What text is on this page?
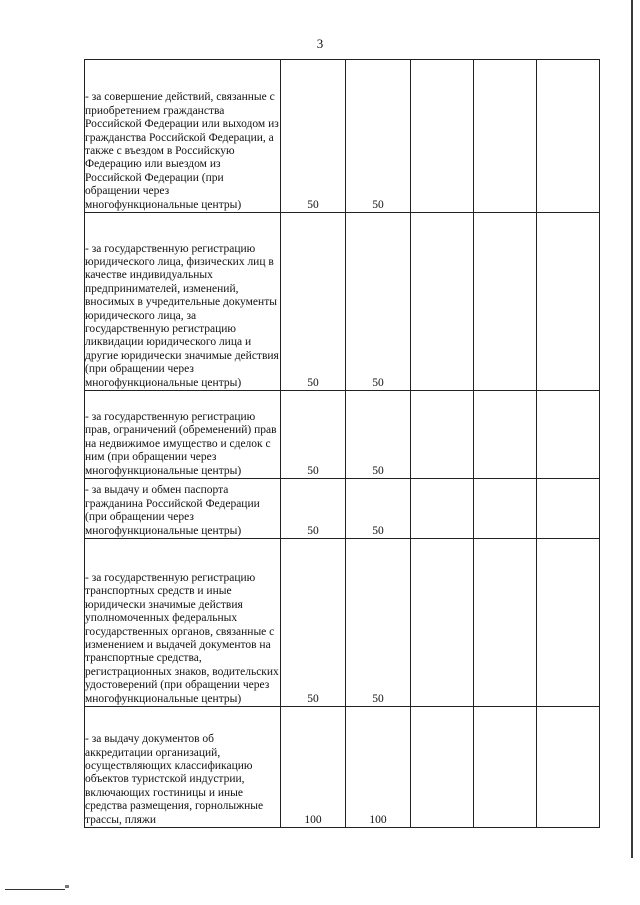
3
- за совершение действий, связанные с приобретением гражданства Российской Федерации или выходом из гражданства Российской Федерации, а также с въездом в Российскую Федерацию или выездом из Российской Федерации (при обращении через многофункциональные центры)	50	50			

- за государственную регистрацию юридического лица, физических лиц в качестве индивидуальных предпринимателей, изменений, вносимых в учредительные документы юридического лица, за государственную регистрацию ликвидации юридического лица и другие юридически значимые действия (при обращении через многофункциональные центры)	50	50			

- за государственную регистрацию прав, ограничений (обременений) прав на недвижимое имущество и сделок с ним (при обращении через многофункциональные центры)	50	50			

- за выдачу и обмен паспорта гражданина Российской Федерации (при обращении через многофункциональные центры)	50	50			

- за государственную регистрацию транспортных средств и иные юридически значимые действия уполномоченных федеральных государственных органов, связанные с изменением и выдачей документов на транспортные средства, регистрационных знаков, водительских удостоверений (при обращении через многофункциональные центры)	50	50			

- за выдачу документов об аккредитации организаций, осуществляющих классификацию объектов туристской индустрии, включающих гостиницы и иные средства размещения, горнолыжные трассы, пляжи	100	100			
